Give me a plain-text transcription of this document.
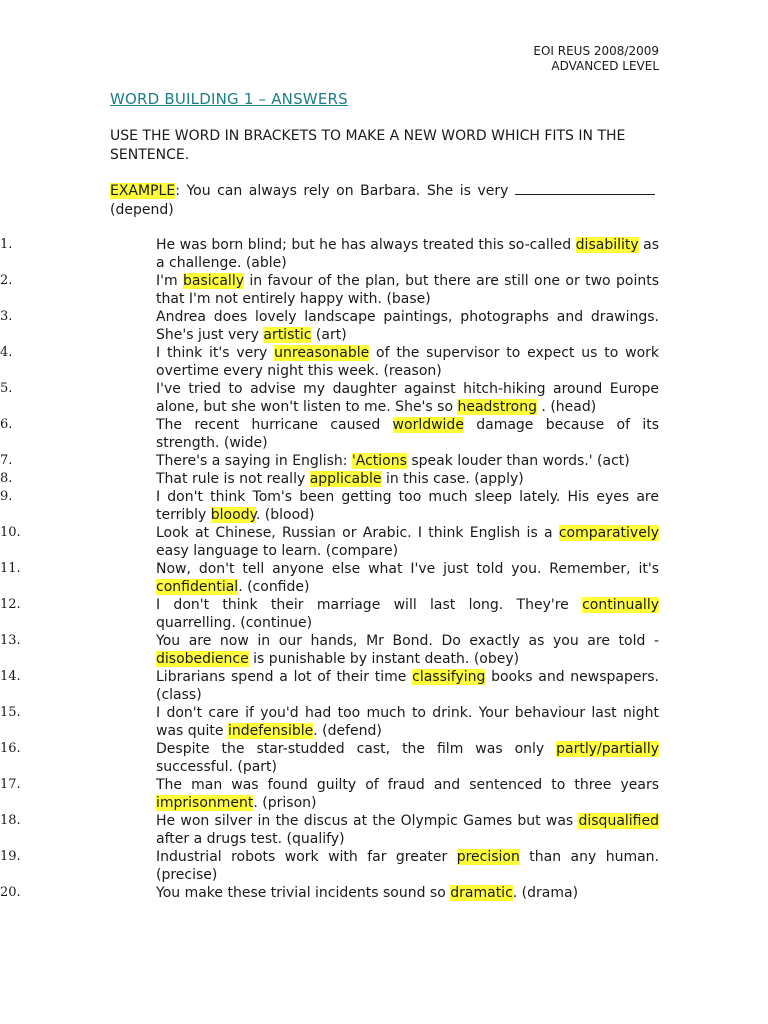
EOI REUS 2008/2009
ADVANCED LEVEL
WORD BUILDING 1 – ANSWERS
USE THE WORD IN BRACKETS TO MAKE A NEW WORD WHICH FITS IN THE SENTENCE.
EXAMPLE: You can always rely on Barbara. She is very (depend)
1.	He was born blind; but he has always treated this so-called disability as a challenge. (able)
2.	I'm basically in favour of the plan, but there are still one or two points that I'm not entirely happy with. (base)
3.	Andrea does lovely landscape paintings, photographs and drawings. She's just very artistic (art)
4.	I think it's very unreasonable of the supervisor to expect us to work overtime every night this week. (reason)
5.	I've tried to advise my daughter against hitch-hiking around Europe alone, but she won't listen to me. She's so headstrong . (head)
6.	The recent hurricane caused worldwide damage because of its strength. (wide)
7.	There's a saying in English: 'Actions speak louder than words.' (act)
8.	That rule is not really applicable in this case. (apply)
9.	I don't think Tom's been getting too much sleep lately. His eyes are terribly bloody. (blood)
10.	Look at Chinese, Russian or Arabic. I think English is a comparatively easy language to learn. (compare)
11.	Now, don't tell anyone else what I've just told you. Remember, it's confidential. (confide)
12.	I don't think their marriage will last long. They're continually quarrelling. (continue)
13.	You are now in our hands, Mr Bond. Do exactly as you are told - disobedience is punishable by instant death. (obey)
14.	Librarians spend a lot of their time classifying books and newspapers. (class)
15.	I don't care if you'd had too much to drink. Your behaviour last night was quite indefensible. (defend)
16.	Despite the star-studded cast, the film was only partly/partially successful. (part)
17.	The man was found guilty of fraud and sentenced to three years imprisonment. (prison)
18.	He won silver in the discus at the Olympic Games but was disqualified after a drugs test. (qualify)
19.	Industrial robots work with far greater precision than any human. (precise)
20.	You make these trivial incidents sound so dramatic. (drama)
